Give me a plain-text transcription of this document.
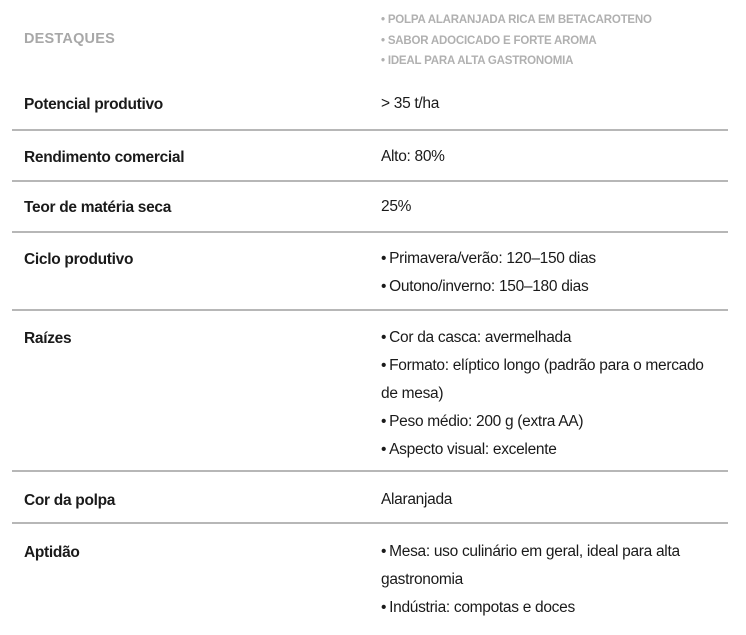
DESTAQUES
• POLPA ALARANJADA RICA EM BETACAROTENO
• SABOR ADOCICADO E FORTE AROMA
• IDEAL PARA ALTA GASTRONOMIA
Potencial produtivo	> 35 t/ha
Rendimento comercial	Alto: 80%
Teor de matéria seca	25%
Ciclo produtivo	• Primavera/verão: 120–150 dias
• Outono/inverno: 150–180 dias
Raízes	• Cor da casca: avermelhada
• Formato: elíptico longo (padrão para o mercado de mesa)
• Peso médio: 200 g (extra AA)
• Aspecto visual: excelente
Cor da polpa	Alaranjada
Aptidão	• Mesa: uso culinário em geral, ideal para alta gastronomia
• Indústria: compotas e doces
